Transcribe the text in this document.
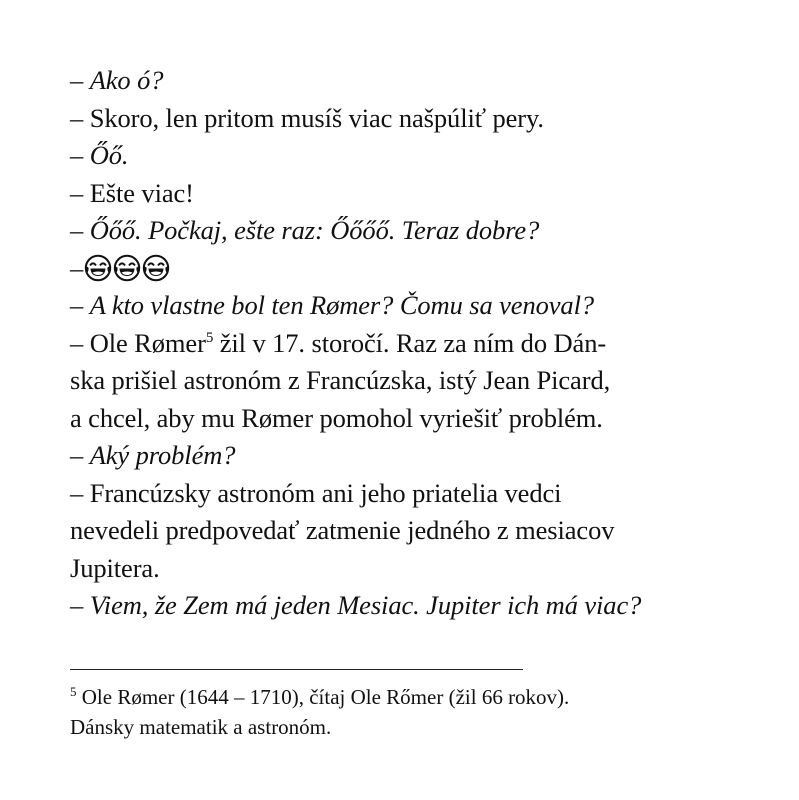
– Ako ó?
– Skoro, len pritom musíš viac našpúliť pery.
– Őő.
– Ešte viac!
– Őőő. Počkaj, ešte raz: Őőőő. Teraz dobre?
–
– A kto vlastne bol ten Rømer? Čomu sa venoval?
– Ole Rømer$^5$ žil v 17. storočí. Raz za ním do Dán-
ska prišiel astronóm z Francúzska, istý Jean Picard,
a chcel, aby mu Rømer pomohol vyriešiť problém.
– Aký problém?
– Francúzsky astronóm ani jeho priatelia vedci
nevedeli predpovedať zatmenie jedného z mesiacov
Jupitera.
– Viem, že Zem má jeden Mesiac. Jupiter ich má viac?
$^5$ Ole Rømer (1644 – 1710), čítaj Ole Rőmer (žil 66 rokov).
Dánsky matematik a astronóm.
